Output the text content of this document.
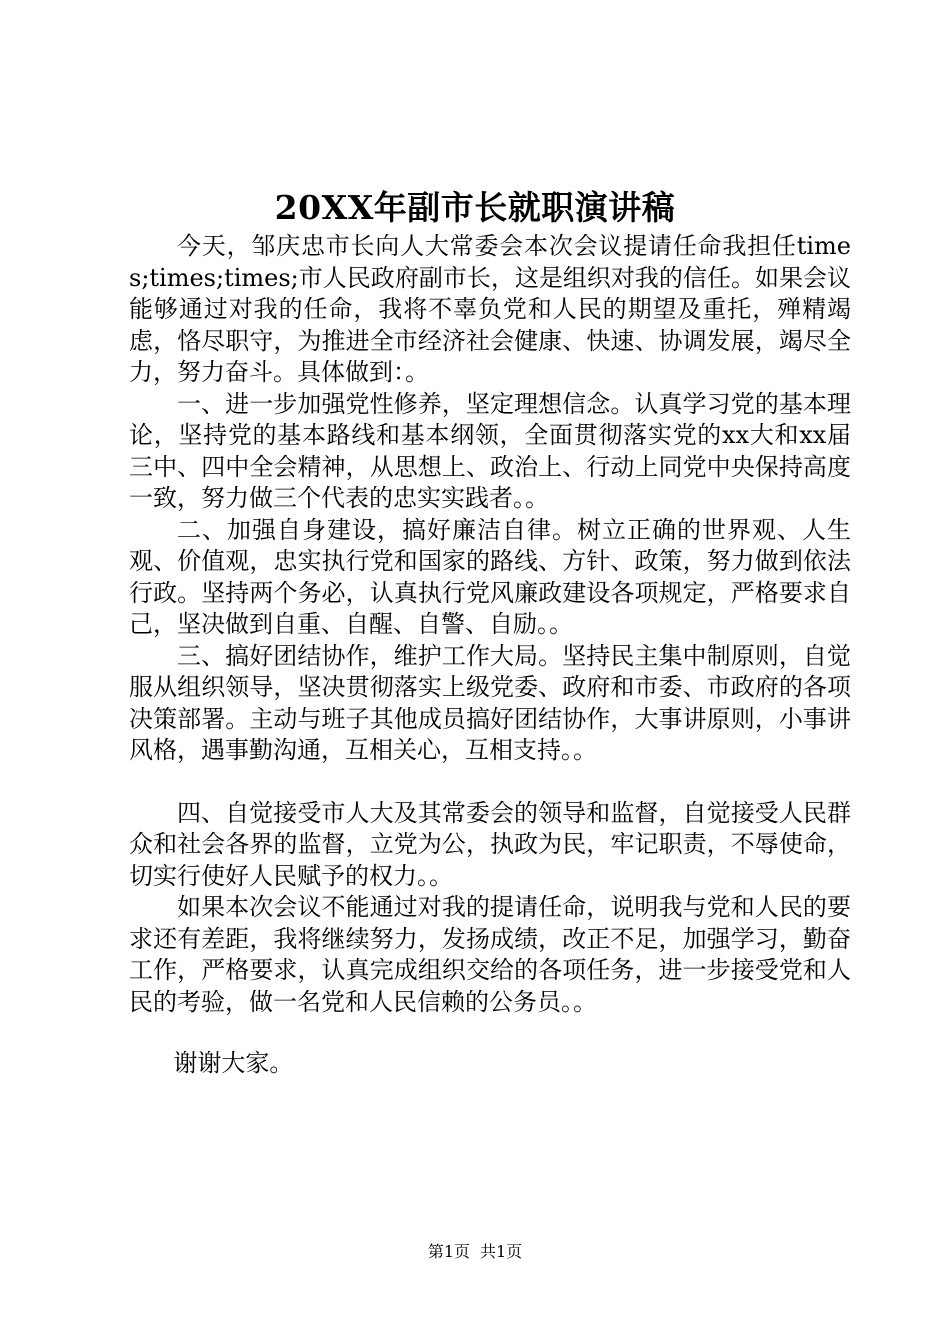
20XX年副市长就职演讲稿

今天，邹庆忠市长向人大常委会本次会议提请任命我担任times;times;times;市人民政府副市长，这是组织对我的信任。如果会议能够通过对我的任命，我将不辜负党和人民的期望及重托，殚精竭虑，恪尽职守，为推进全市经济社会健康、快速、协调发展，竭尽全力，努力奋斗。具体做到：。

一、进一步加强党性修养，坚定理想信念。认真学习党的基本理论，坚持党的基本路线和基本纲领，全面贯彻落实党的xx大和xx届三中、四中全会精神，从思想上、政治上、行动上同党中央保持高度一致，努力做三个代表的忠实实践者。。

二、加强自身建设，搞好廉洁自律。树立正确的世界观、人生观、价值观，忠实执行党和国家的路线、方针、政策，努力做到依法行政。坚持两个务必，认真执行党风廉政建设各项规定，严格要求自己，坚决做到自重、自醒、自警、自励。。

三、搞好团结协作，维护工作大局。坚持民主集中制原则，自觉服从组织领导，坚决贯彻落实上级党委、政府和市委、市政府的各项决策部署。主动与班子其他成员搞好团结协作，大事讲原则，小事讲风格，遇事勤沟通，互相关心，互相支持。。

四、自觉接受市人大及其常委会的领导和监督，自觉接受人民群众和社会各界的监督，立党为公，执政为民，牢记职责，不辱使命，切实行使好人民赋予的权力。。

如果本次会议不能通过对我的提请任命，说明我与党和人民的要求还有差距，我将继续努力，发扬成绩，改正不足，加强学习，勤奋工作，严格要求，认真完成组织交给的各项任务，进一步接受党和人民的考验，做一名党和人民信赖的公务员。。

谢谢大家。

第1页 共1页
